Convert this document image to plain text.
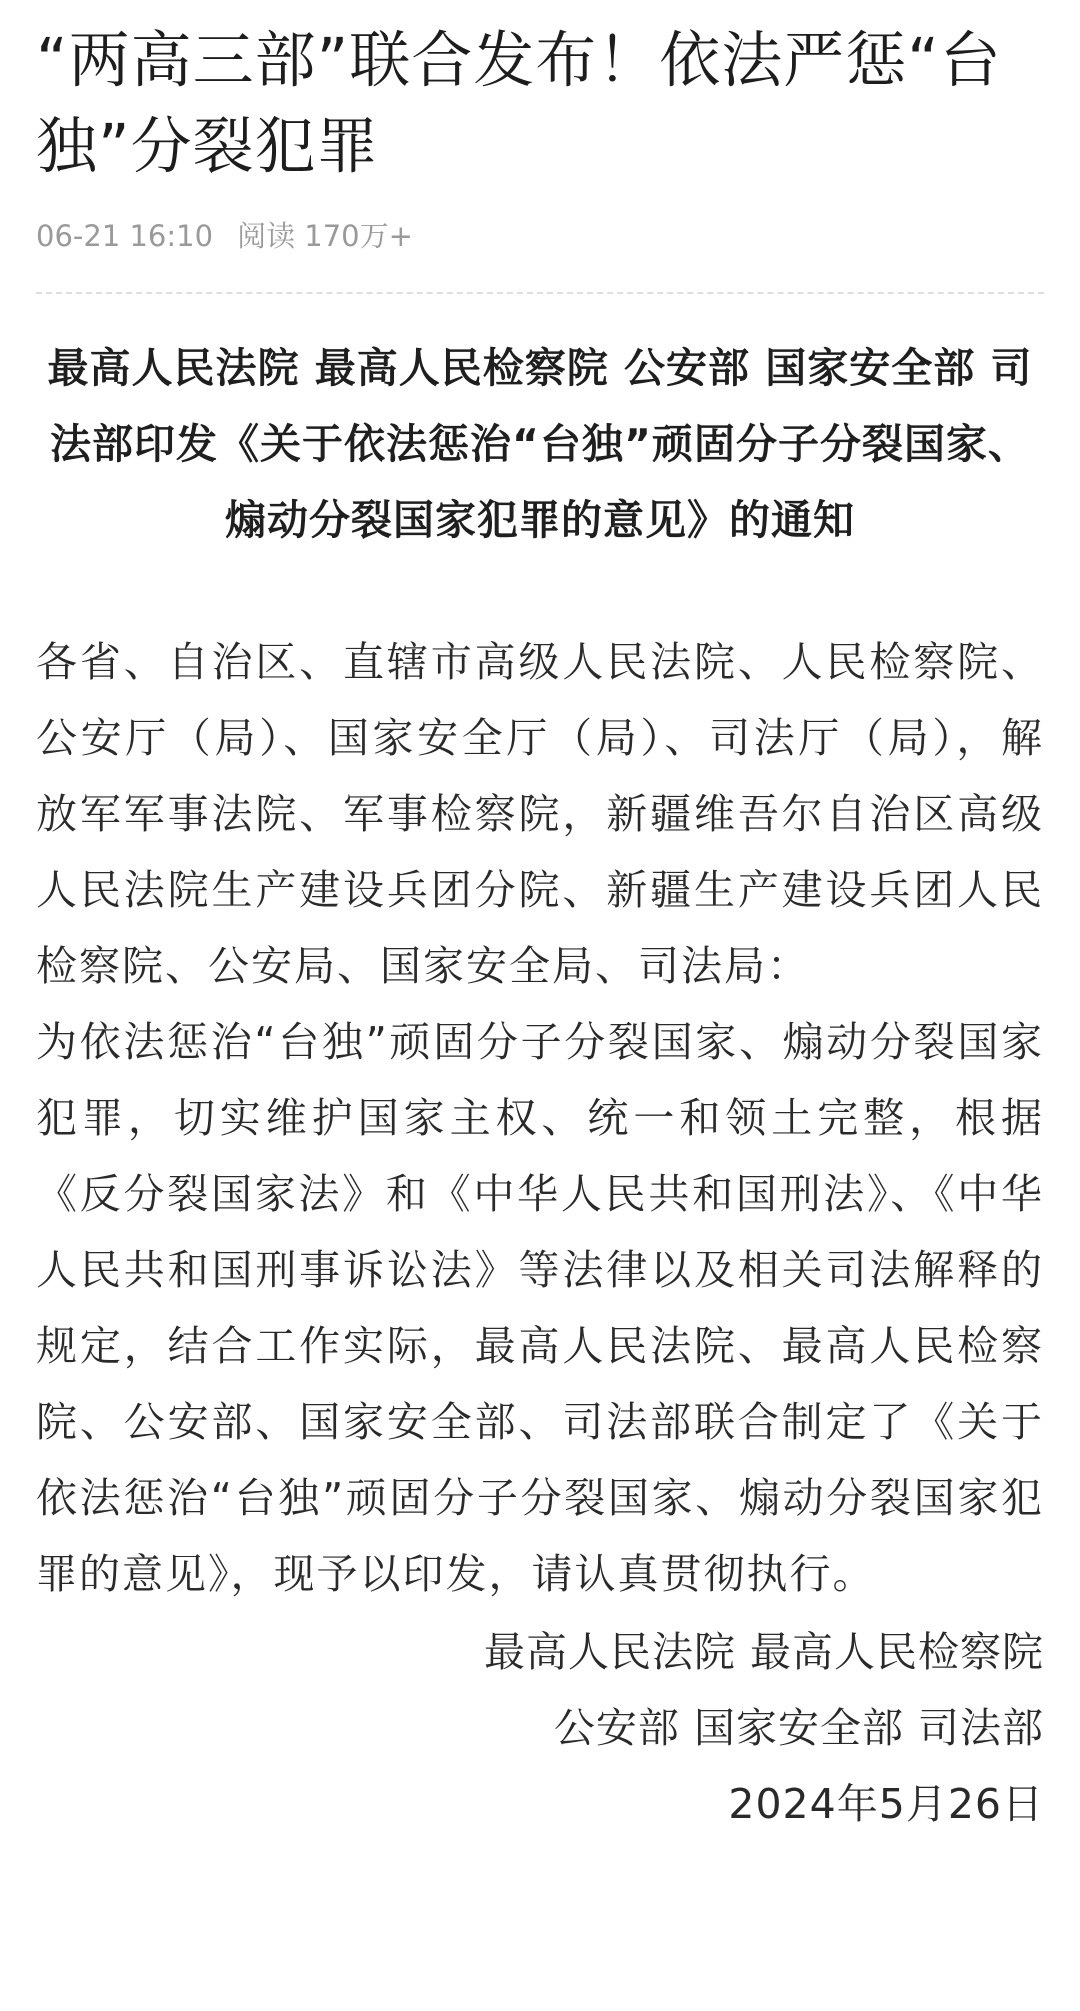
“两高三部”联合发布！依法严惩“台独”分裂犯罪
06-21 16:10 阅读 170万+
最高人民法院 最高人民检察院 公安部 国家安全部 司法部印发《关于依法惩治“台独”顽固分子分裂国家、煽动分裂国家犯罪的意见》的通知

各省、自治区、直辖市高级人民法院、人民检察院、公安厅（局）、国家安全厅（局）、司法厅（局），解放军军事法院、军事检察院，新疆维吾尔自治区高级人民法院生产建设兵团分院、新疆生产建设兵团人民检察院、公安局、国家安全局、司法局：

为依法惩治“台独”顽固分子分裂国家、煽动分裂国家犯罪，切实维护国家主权、统一和领土完整，根据《反分裂国家法》和《中华人民共和国刑法》、《中华人民共和国刑事诉讼法》等法律以及相关司法解释的规定，结合工作实际，最高人民法院、最高人民检察院、公安部、国家安全部、司法部联合制定了《关于依法惩治“台独”顽固分子分裂国家、煽动分裂国家犯罪的意见》，现予以印发，请认真贯彻执行。

最高人民法院 最高人民检察院
公安部 国家安全部 司法部
2024年5月26日
